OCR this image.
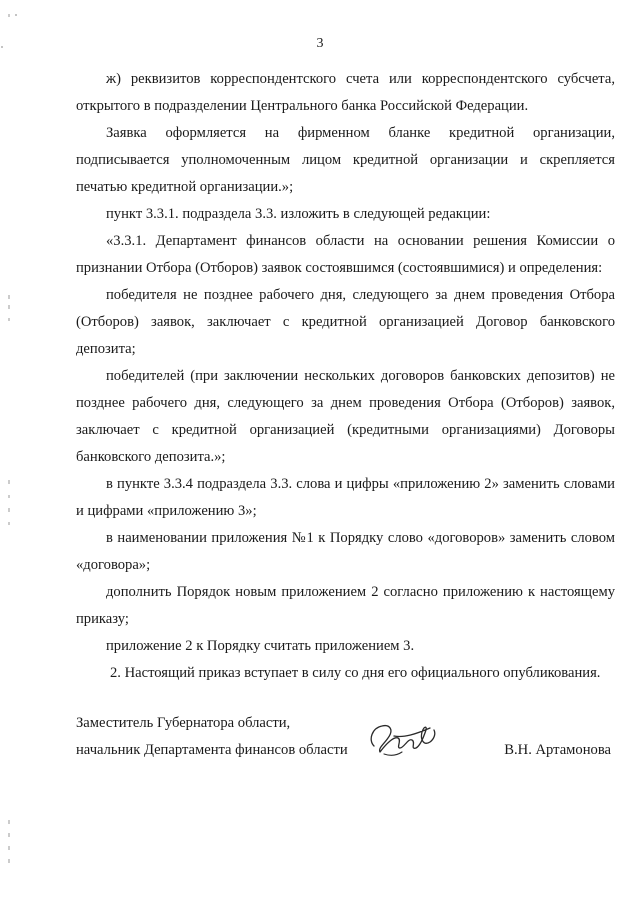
3

ж) реквизитов корреспондентского счета или корреспондентского субсчета, открытого в подразделении Центрального банка Российской Федерации.

Заявка оформляется на фирменном бланке кредитной организации, подписывается уполномоченным лицом кредитной организации и скрепляется печатью кредитной организации.»;

пункт 3.3.1. подраздела 3.3. изложить в следующей редакции:

«3.3.1. Департамент финансов области на основании решения Комиссии о признании Отбора (Отборов) заявок состоявшимся (состоявшимися) и определения:

победителя не позднее рабочего дня, следующего за днем проведения Отбора (Отборов) заявок, заключает с кредитной организацией Договор банковского депозита;

победителей (при заключении нескольких договоров банковских депозитов) не позднее рабочего дня, следующего за днем проведения Отбора (Отборов) заявок, заключает с кредитной организацией (кредитными организациями) Договоры банковского депозита.»;

в пункте 3.3.4 подраздела 3.3. слова и цифры «приложению 2» заменить словами и цифрами «приложению 3»;

в наименовании приложения №1 к Порядку слово «договоров» заменить словом «договора»;

дополнить Порядок новым приложением 2 согласно приложению к настоящему приказу;

приложение 2 к Порядку считать приложением 3.

2. Настоящий приказ вступает в силу со дня его официального опубликования.

Заместитель Губернатора области,
начальник Департамента финансов области	В.Н. Артамонова
